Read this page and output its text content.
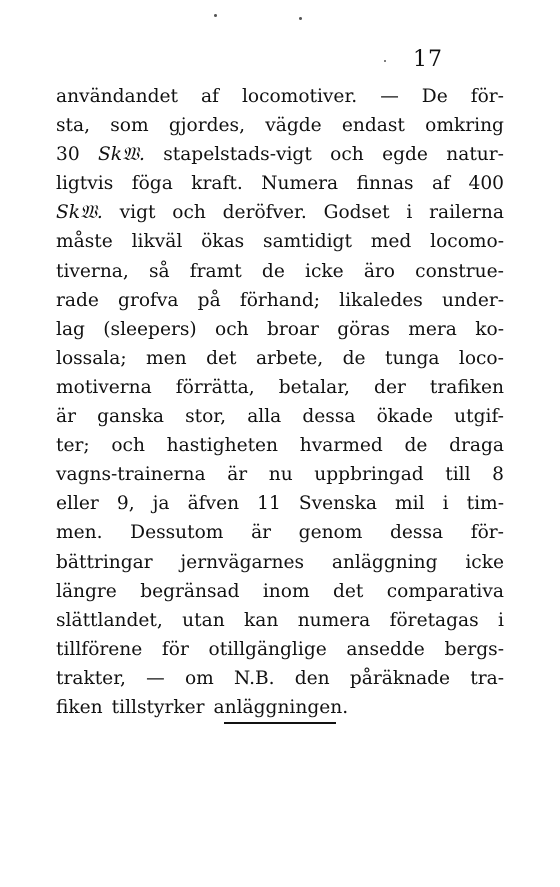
17
användandet af locomotiver. — De för-
sta, som gjordes, vägde endast omkring
30 Sk𝔚. stapelstads-vigt och egde natur-
ligtvis föga kraft. Numera finnas af 400
Sk𝔚. vigt och deröfver. Godset i railerna
måste likväl ökas samtidigt med locomo-
tiverna, så framt de icke äro construe-
rade grofva på förhand; likaledes under-
lag (sleepers) och broar göras mera ko-
lossala; men det arbete, de tunga loco-
motiverna förrätta, betalar, der trafiken
är ganska stor, alla dessa ökade utgif-
ter; och hastigheten hvarmed de draga
vagns-trainerna är nu uppbringad till 8
eller 9, ja äfven 11 Svenska mil i tim-
men. Dessutom är genom dessa för-
bättringar jernvägarnes anläggning icke
längre begränsad inom det comparativa
slättlandet, utan kan numera företagas i
tillförene för otillgänglige ansedde bergs-
trakter, — om N.B. den påräknade tra-
fiken tillstyrker anläggningen.
